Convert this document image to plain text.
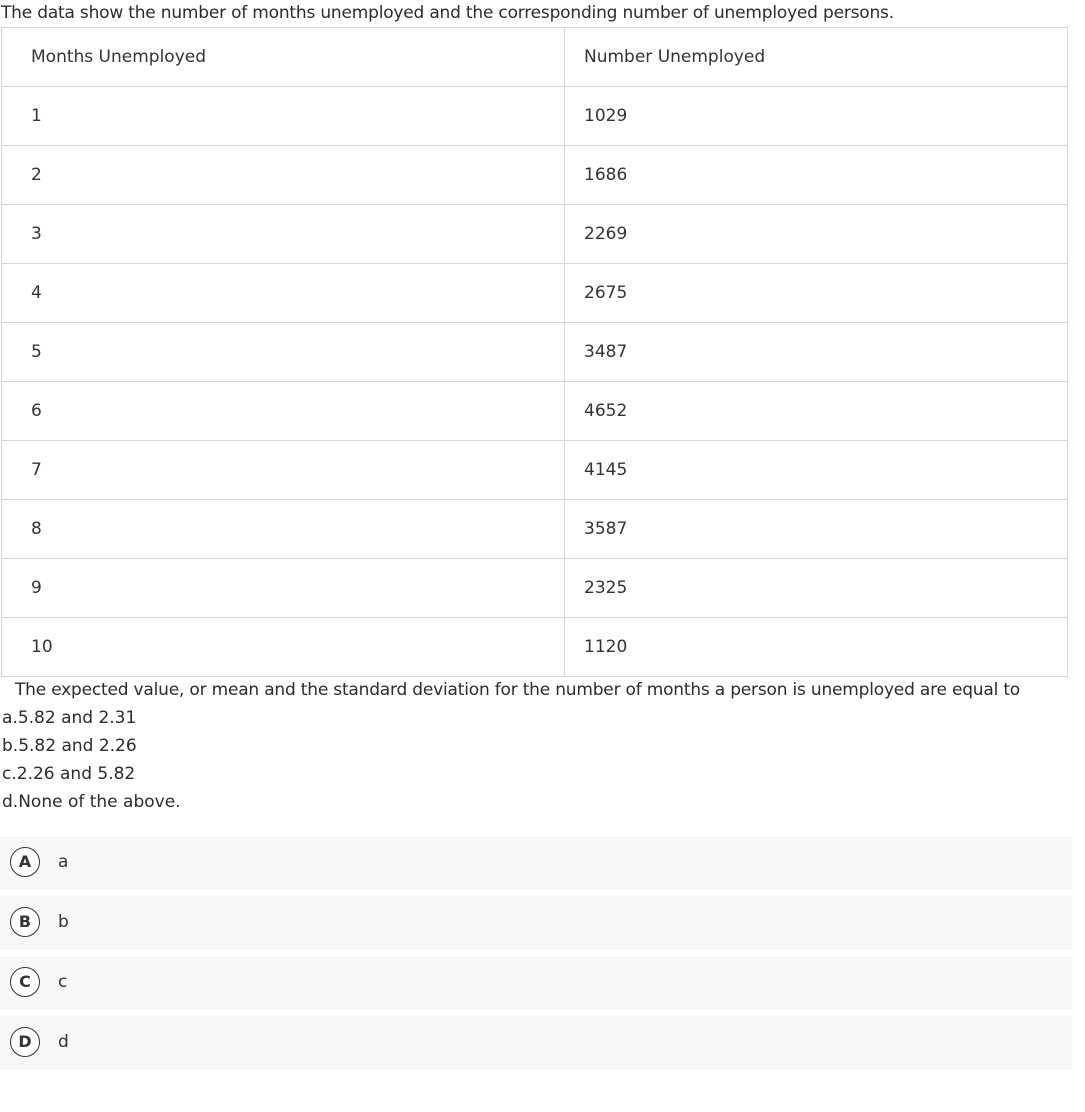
The data show the number of months unemployed and the corresponding number of unemployed persons.
Months Unemployed	Number Unemployed
1	1029
2	1686
3	2269
4	2675
5	3487
6	4652
7	4145
8	3587
9	2325
10	1120
The expected value, or mean and the standard deviation for the number of months a person is unemployed are equal to
a.5.82 and 2.31
b.5.82 and 2.26
c.2.26 and 5.82
d.None of the above.
A	a
B	b
C	c
D	d
